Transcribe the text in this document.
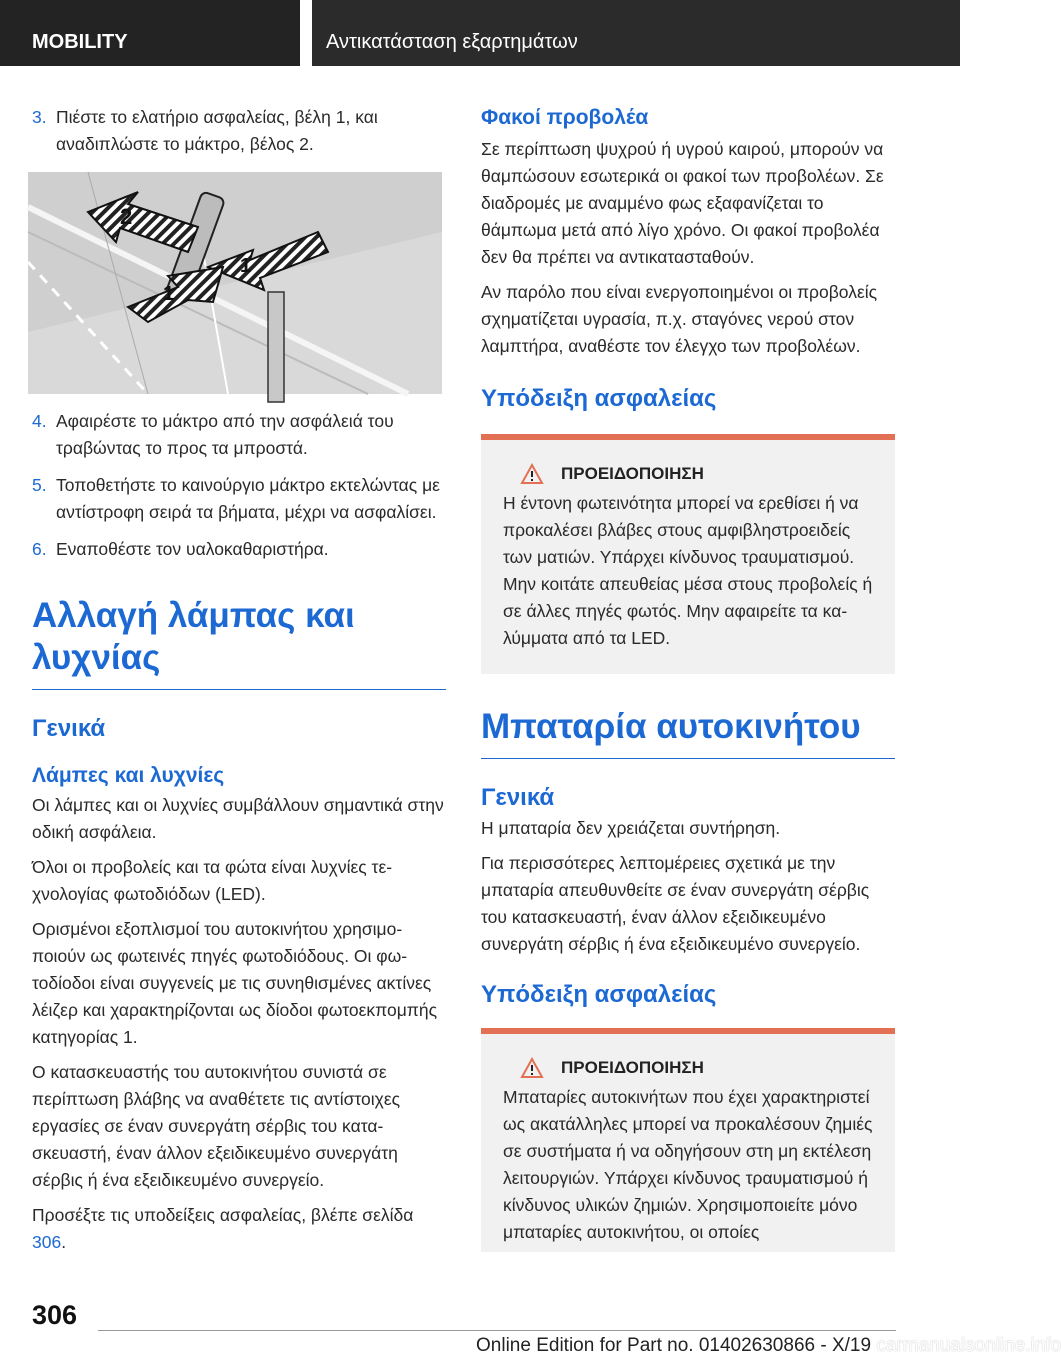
MOBILITY	Αντικατάσταση εξαρτημάτων
3. Πιέστε το ελατήριο ασφαλείας, βέλη 1, και αναδιπλώστε το μάκτρο, βέλος 2.
2
1
1
4. Αφαιρέστε το μάκτρο από την ασφάλειά του τραβώντας το προς τα μπροστά.
5. Τοποθετήστε το καινούργιο μάκτρο εκτελώντας με αντίστροφη σειρά τα βήματα, μέχρι να ασφαλίσει.
6. Εναποθέστε τον υαλοκαθαριστήρα.
Αλλαγή λάμπας και λυχνίας
Γενικά
Λάμπες και λυχνίες

Οι λάμπες και οι λυχνίες συμβάλλουν σημαντικά στην οδική ασφάλεια.

Όλοι οι προβολείς και τα φώτα είναι λυχνίες τεχνολογίας φωτοδιόδων (LED).

Ορισμένοι εξοπλισμοί του αυτοκινήτου χρησιμοποιούν ως φωτεινές πηγές φωτοδιόδους. Οι φωτοδίοδοι είναι συγγενείς με τις συνηθισμένες ακτίνες λέιζερ και χαρακτηρίζονται ως δίοδοι φωτοεκπομπής κατηγορίας 1.

Ο κατασκευαστής του αυτοκινήτου συνιστά σε περίπτωση βλάβης να αναθέτετε τις αντίστοιχες εργασίες σε έναν συνεργάτη σέρβις του κατασκευαστή, έναν άλλον εξειδικευμένο συνεργάτη σέρβις ή ένα εξειδικευμένο συνεργείο.

Προσέξτε τις υποδείξεις ασφαλείας, βλέπε σελίδα 306.

Φακοί προβολέα

Σε περίπτωση ψυχρού ή υγρού καιρού, μπορούν να θαμπώσουν εσωτερικά οι φακοί των προβολέων. Σε διαδρομές με αναμμένο φως εξαφανίζεται το θάμπωμα μετά από λίγο χρόνο. Οι φακοί προβολέα δεν θα πρέπει να αντικατασταθούν.

Αν παρόλο που είναι ενεργοποιημένοι οι προβολείς σχηματίζεται υγρασία, π.χ. σταγόνες νερού στον λαμπτήρα, αναθέστε τον έλεγχο των προβολέων.

Υπόδειξη ασφαλείας
ΠΡΟΕΙΔΟΠΟΙΗΣΗ

Η έντονη φωτεινότητα μπορεί να ερεθίσει ή να προκαλέσει βλάβες στους αμφιβληστροειδείς των ματιών. Υπάρχει κίνδυνος τραυματισμού. Μην κοιτάτε απευθείας μέσα στους προβολείς ή σε άλλες πηγές φωτός. Μην αφαιρείτε τα καλύμματα από τα LED.

Μπαταρία αυτοκινήτου
Γενικά

Η μπαταρία δεν χρειάζεται συντήρηση.

Για περισσότερες λεπτομέρειες σχετικά με την μπαταρία απευθυνθείτε σε έναν συνεργάτη σέρβις του κατασκευαστή, έναν άλλον εξειδικευμένο συνεργάτη σέρβις ή ένα εξειδικευμένο συνεργείο.

Υπόδειξη ασφαλείας
ΠΡΟΕΙΔΟΠΟΙΗΣΗ

Μπαταρίες αυτοκινήτων που έχει χαρακτηριστεί ως ακατάλληλες μπορεί να προκαλέσουν ζημιές σε συστήματα ή να οδηγήσουν στη μη εκτέλεση λειτουργιών. Υπάρχει κίνδυνος τραυματισμού ή κίνδυνος υλικών ζημιών. Χρησιμοποιείτε μόνο μπαταρίες αυτοκινήτου, οι οποίες

306
Online Edition for Part no. 01402630866 - X/19 carmanualsonline.info
